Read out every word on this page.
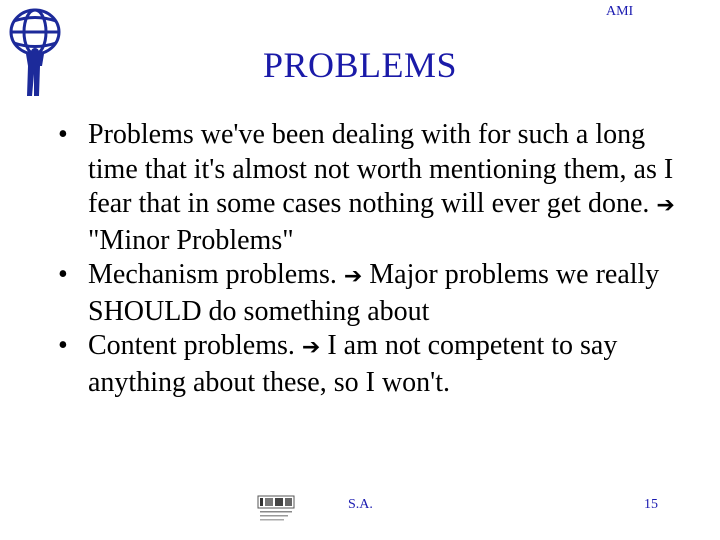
AMI
PROBLEMS
• Problems we've been dealing with for such a long time that it's almost not worth mentioning them, as I fear that in some cases nothing will ever get done. ➔ "Minor Problems"
• Mechanism problems. ➔ Major problems we really SHOULD do something about
• Content problems. ➔ I am not competent to say anything about these, so I won't.
S.A.	15
